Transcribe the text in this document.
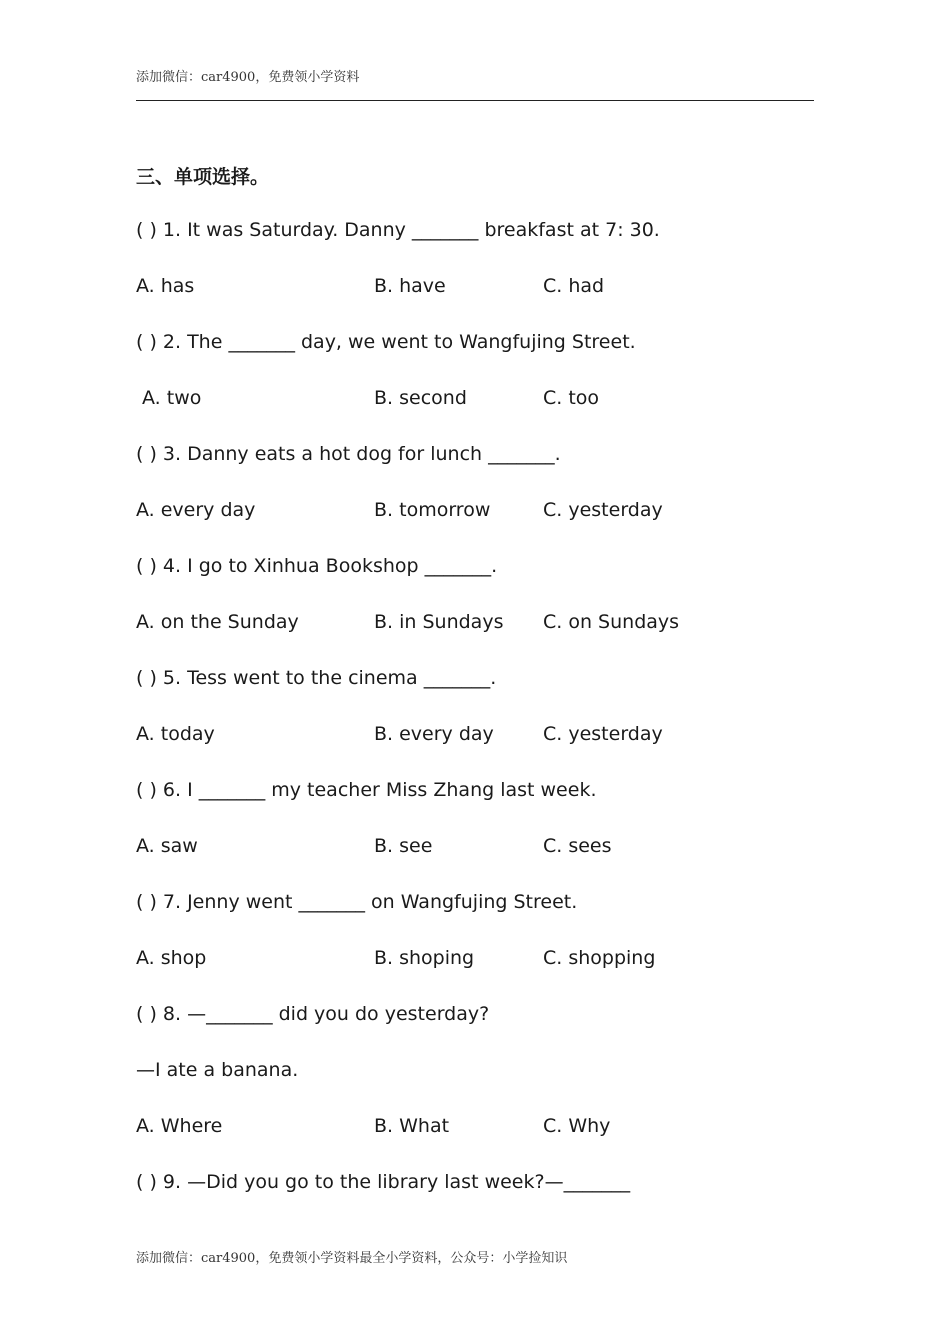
添加微信：car4900，免费领小学资料
三、单项选择。
( ) 1. It was Saturday. Danny _______ breakfast at 7: 30.
A. has	B. have	C. had
( ) 2. The _______ day, we went to Wangfujing Street.
A. two	B. second	C. too
( ) 3. Danny eats a hot dog for lunch _______.
A. every day	B. tomorrow	C. yesterday
( ) 4. I go to Xinhua Bookshop _______.
A. on the Sunday	B. in Sundays C. on Sundays
( ) 5. Tess went to the cinema _______.
A. today	B. every day	C. yesterday
( ) 6. I _______ my teacher Miss Zhang last week.
A. saw	B. see	C. sees
( ) 7. Jenny went _______ on Wangfujing Street.
A. shop	B. shoping	C. shopping
( ) 8. —_______ did you do yesterday?
—I ate a banana.
A. Where	B. What	C. Why
( ) 9. —Did you go to the library last week?—_______
添加微信：car4900，免费领小学资料最全小学资料，公众号：小学捡知识
